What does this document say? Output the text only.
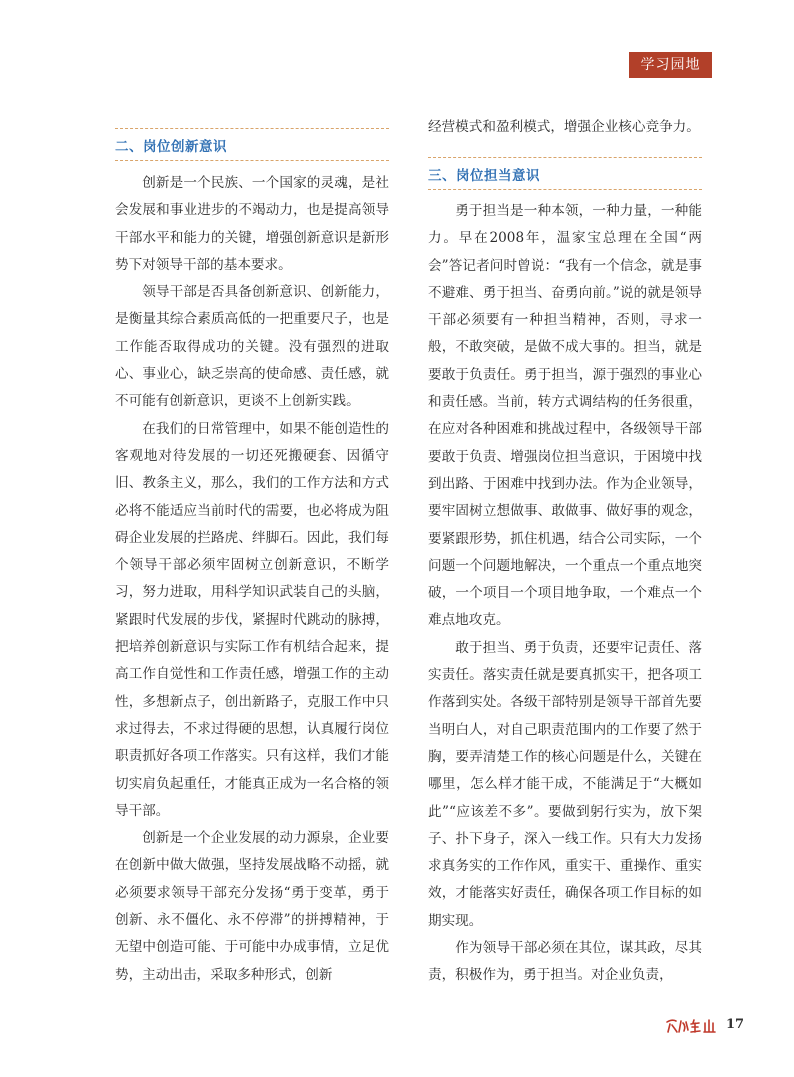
学习园地
二、岗位创新意识

创新是一个民族、一个国家的灵魂，是社会发展和事业进步的不竭动力，也是提高领导干部水平和能力的关键，增强创新意识是新形势下对领导干部的基本要求。

领导干部是否具备创新意识、创新能力，是衡量其综合素质高低的一把重要尺子，也是工作能否取得成功的关键。没有强烈的进取心、事业心，缺乏崇高的使命感、责任感，就不可能有创新意识，更谈不上创新实践。

在我们的日常管理中，如果不能创造性的客观地对待发展的一切还死搬硬套、因循守旧、教条主义，那么，我们的工作方法和方式必将不能适应当前时代的需要，也必将成为阻碍企业发展的拦路虎、绊脚石。因此，我们每个领导干部必须牢固树立创新意识，不断学习，努力进取，用科学知识武装自己的头脑，紧跟时代发展的步伐，紧握时代跳动的脉搏，把培养创新意识与实际工作有机结合起来，提高工作自觉性和工作责任感，增强工作的主动性，多想新点子，创出新路子，克服工作中只求过得去，不求过得硬的思想，认真履行岗位职责抓好各项工作落实。只有这样，我们才能切实肩负起重任，才能真正成为一名合格的领导干部。

创新是一个企业发展的动力源泉，企业要在创新中做大做强，坚持发展战略不动摇，就必须要求领导干部充分发扬“勇于变革，勇于创新、永不僵化、永不停滞”的拼搏精神，于无望中创造可能、于可能中办成事情，立足优势，主动出击，采取多种形式，创新

经营模式和盈利模式，增强企业核心竞争力。

三、岗位担当意识

勇于担当是一种本领，一种力量，一种能力。早在2008年，温家宝总理在全国“两会”答记者问时曾说：“我有一个信念，就是事不避难、勇于担当、奋勇向前。”说的就是领导干部必须要有一种担当精神，否则，寻求一般，不敢突破，是做不成大事的。担当，就是要敢于负责任。勇于担当，源于强烈的事业心和责任感。当前，转方式调结构的任务很重，在应对各种困难和挑战过程中，各级领导干部要敢于负责、增强岗位担当意识，于困境中找到出路、于困难中找到办法。作为企业领导，要牢固树立想做事、敢做事、做好事的观念，要紧跟形势，抓住机遇，结合公司实际，一个问题一个问题地解决，一个重点一个重点地突破，一个项目一个项目地争取，一个难点一个难点地攻克。

敢于担当、勇于负责，还要牢记责任、落实责任。落实责任就是要真抓实干，把各项工作落到实处。各级干部特别是领导干部首先要当明白人，对自己职责范围内的工作要了然于胸，要弄清楚工作的核心问题是什么，关键在哪里，怎么样才能干成，不能满足于“大概如此”“应该差不多”。要做到躬行实为，放下架子、扑下身子，深入一线工作。只有大力发扬求真务实的工作作风，重实干、重操作、重实效，才能落实好责任，确保各项工作目标的如期实现。

作为领导干部必须在其位，谋其政，尽其责，积极作为，勇于担当。对企业负责，

17
